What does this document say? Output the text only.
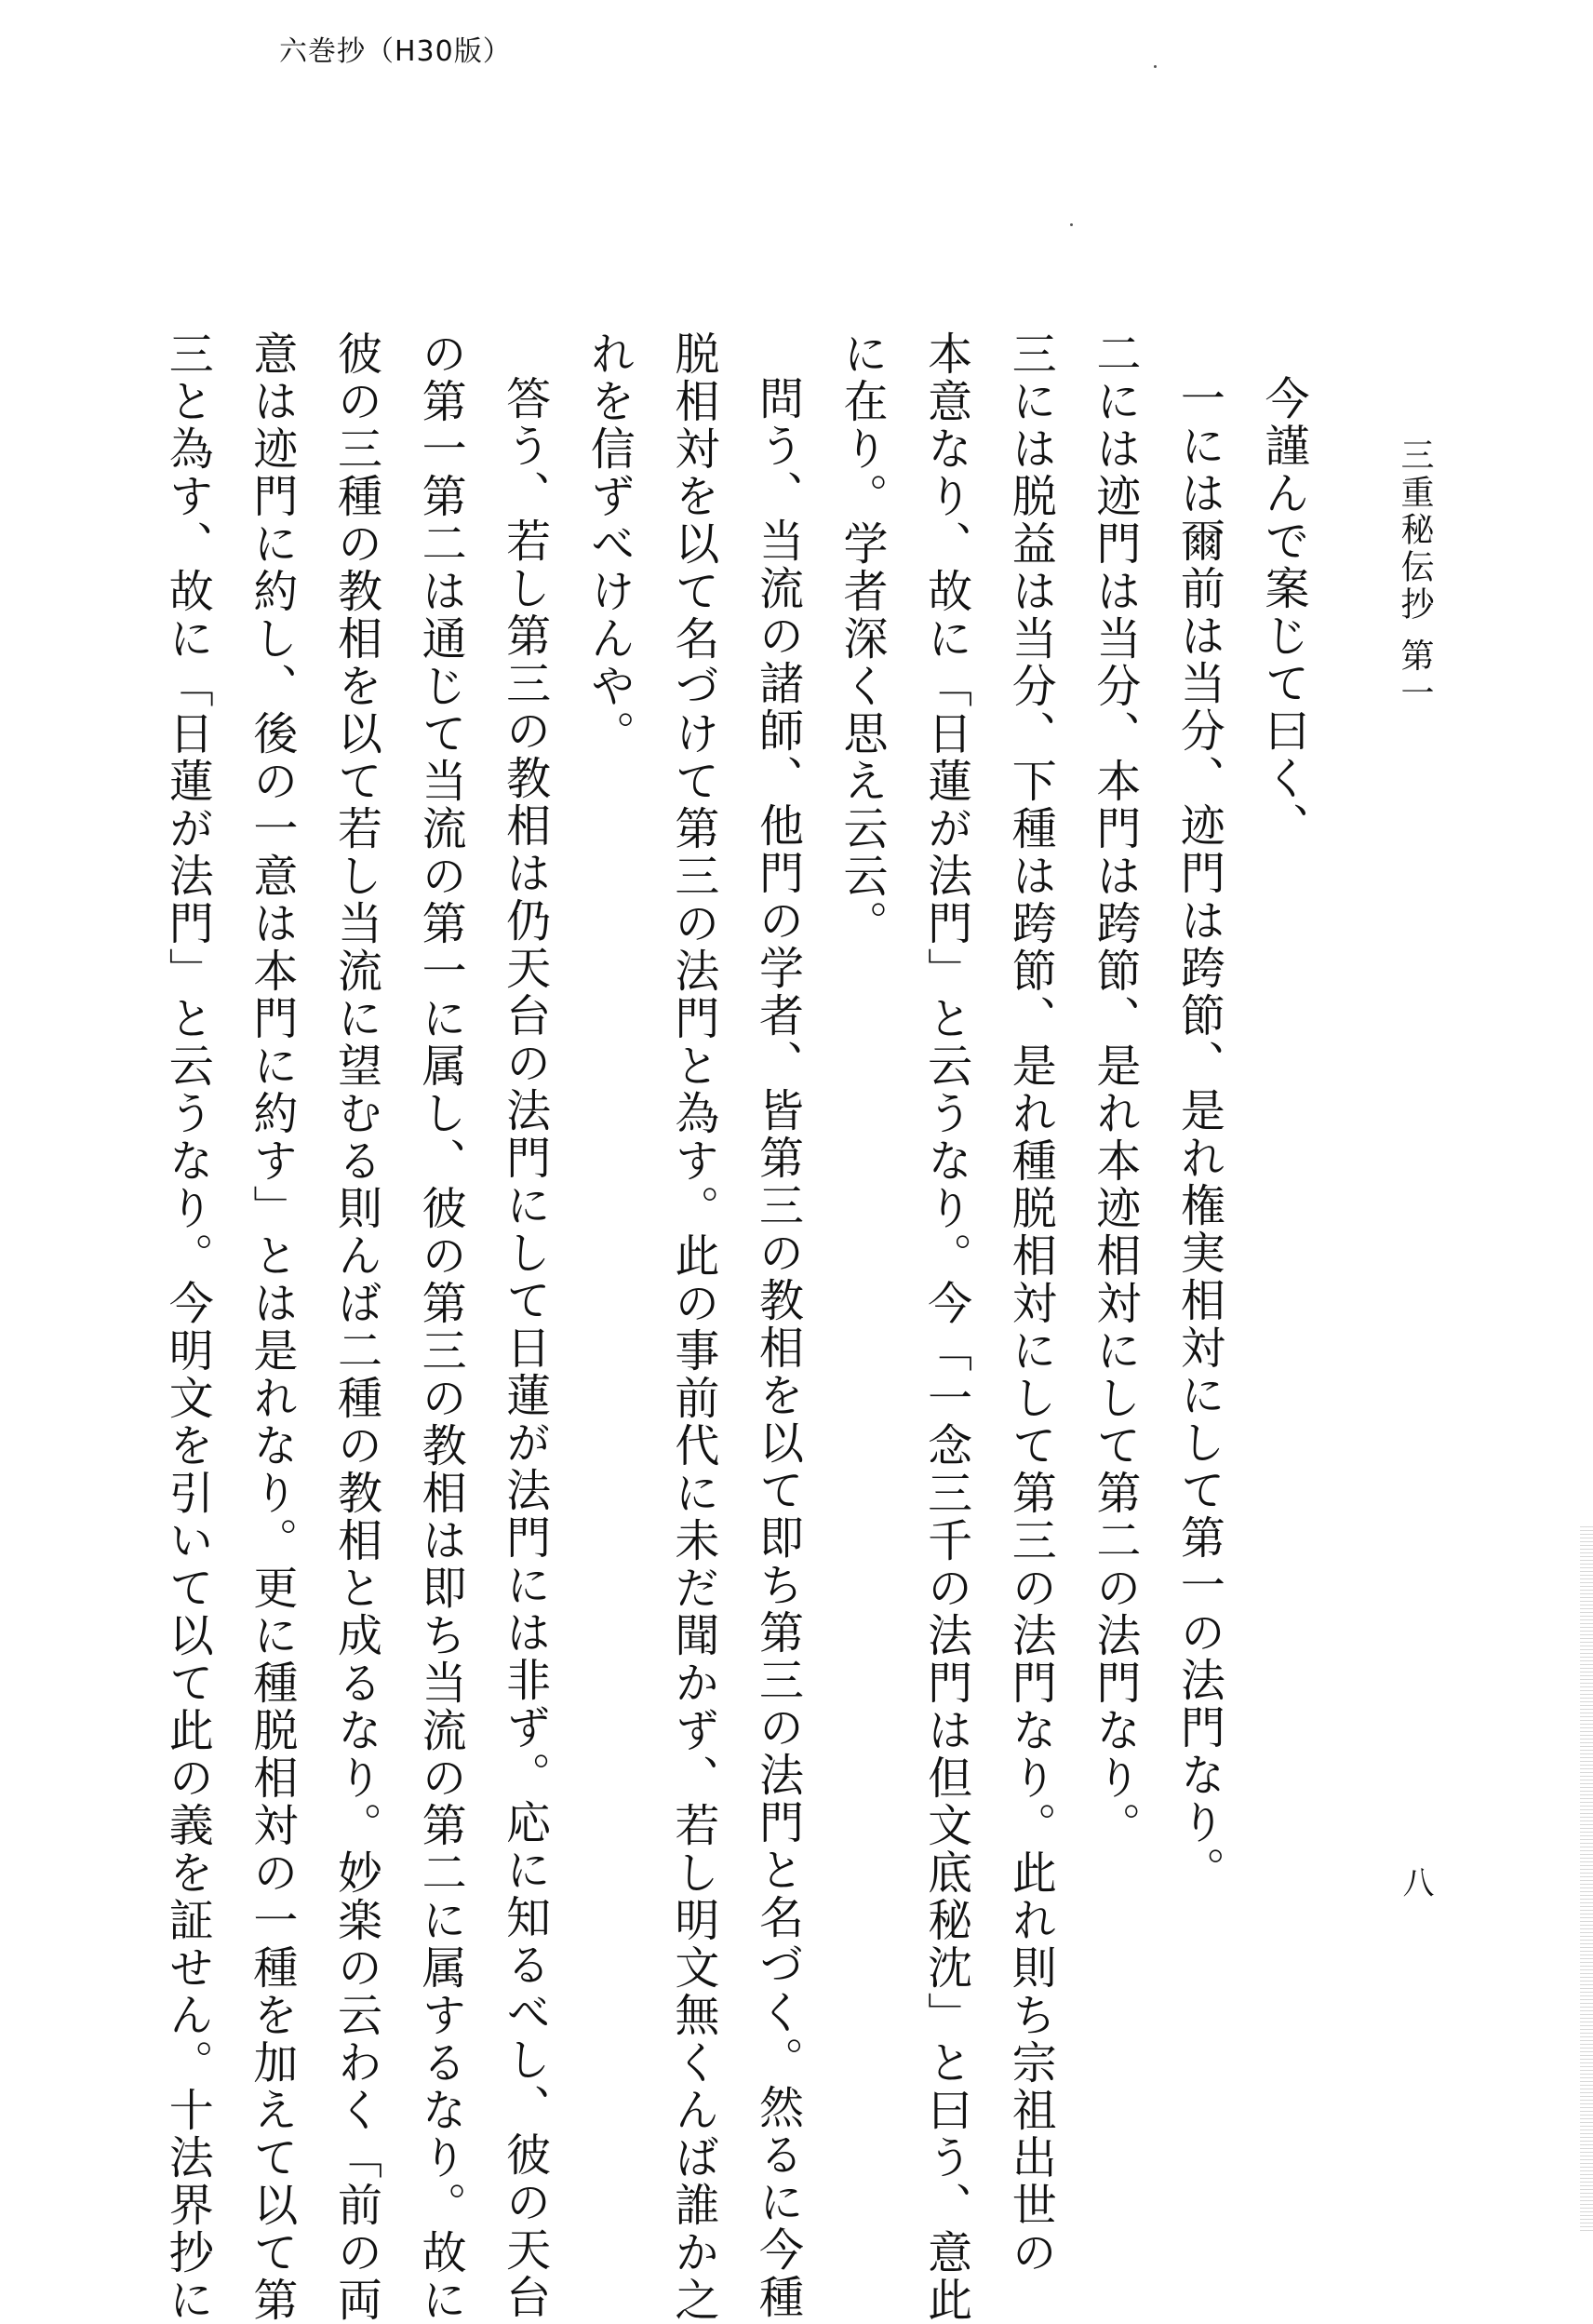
六巻抄（H30版）
三重秘伝抄 第一
八

今謹んで案じて曰く、

一には爾前は当分、迹門は跨節、是れ権実相対にして第一の法門なり。

二には迹門は当分、本門は跨節、是れ本迹相対にして第二の法門なり。

三には脱益は当分、下種は跨節、是れ種脱相対にして第三の法門なり。此れ則ち宗祖出世の

本意なり、故に「日蓮が法門」と云うなり。今「一念三千の法門は但文底秘沈」と曰う、意此

に在り。学者深く思え云云。

問う、当流の諸師、他門の学者、皆第三の教相を以て即ち第三の法門と名づく。然るに今種

脱相対を以て名づけて第三の法門と為す。此の事前代に未だ聞かず、若し明文無くんば誰か之

れを信ずべけんや。

答う、若し第三の教相は仍天台の法門にして日蓮が法門には非ず。応に知るべし、彼の天台

の第一第二は通じて当流の第一に属し、彼の第三の教相は即ち当流の第二に属するなり。故に

彼の三種の教相を以て若し当流に望むる則んば二種の教相と成るなり。妙楽の云わく「前の両

意は迹門に約し、後の一意は本門に約す」とは是れなり。更に種脱相対の一種を加えて以て第

三と為す、故に「日蓮が法門」と云うなり。今明文を引いて以て此の義を証せん。十法界抄に
